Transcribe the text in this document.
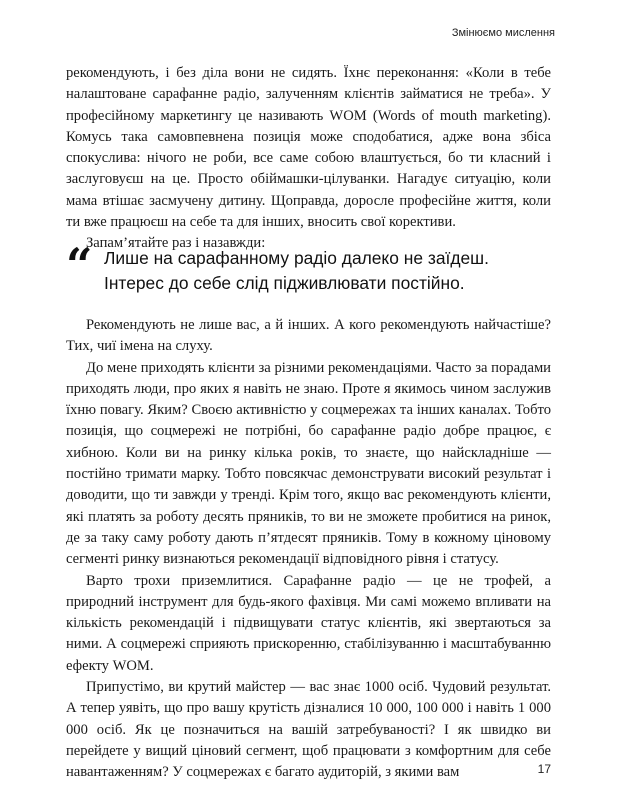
Змінюємо мислення

рекомендують, і без діла вони не сидять. Їхнє переконання: «Коли в тебе налаштоване сарафанне радіо, залученням клієнтів займатися не треба». У професійному маркетингу це називають WOM (Words of mouth marketing). Комусь така самовпевнена позиція може сподобатися, адже вона збіса спокуслива: нічого не роби, все саме собою влаштується, бо ти класний і заслуговуєш на це. Просто обіймашки-цілуванки. Нагадує ситуацію, коли мама втішає засмучену дитину. Щоправда, доросле професійне життя, коли ти вже працюєш на себе та для інших, вносить свої корективи.

Запам’ятайте раз і назавжди:

“ Лише на сарафанному радіо далеко не заїдеш.
Інтерес до себе слід підживлювати постійно.

Рекомендують не лише вас, а й інших. А кого рекомендують найчастіше? Тих, чиї імена на слуху.

До мене приходять клієнти за різними рекомендаціями. Часто за порадами приходять люди, про яких я навіть не знаю. Проте я якимось чином заслужив їхню повагу. Яким? Своєю активністю у соцмережах та інших каналах. Тобто позиція, що соцмережі не потрібні, бо сарафанне радіо добре працює, є хибною. Коли ви на ринку кілька років, то знаєте, що найскладніше — постійно тримати марку. Тобто повсякчас демонструвати високий результат і доводити, що ти завжди у тренді. Крім того, якщо вас рекомендують клієнти, які платять за роботу десять пряників, то ви не зможете пробитися на ринок, де за таку саму роботу дають п’ятдесят пряників. Тому в кожному ціновому сегменті ринку визнаються рекомендації відповідного рівня і статусу.

Варто трохи приземлитися. Сарафанне радіо — це не трофей, а природний інструмент для будь-якого фахівця. Ми самі можемо впливати на кількість рекомендацій і підвищувати статус клієнтів, які звертаються за ними. А соцмережі сприяють прискоренню, стабілізуванню і масштабуванню ефекту WOM.

Припустімо, ви крутий майстер — вас знає 1000 осіб. Чудовий результат. А тепер уявіть, що про вашу крутість дізналися 10 000, 100 000 і навіть 1 000 000 осіб. Як це позначиться на вашій затребуваності? І як швидко ви перейдете у вищий ціновий сегмент, щоб працювати з комфортним для себе навантаженням? У соцмережах є багато аудиторій, з якими вам	17
